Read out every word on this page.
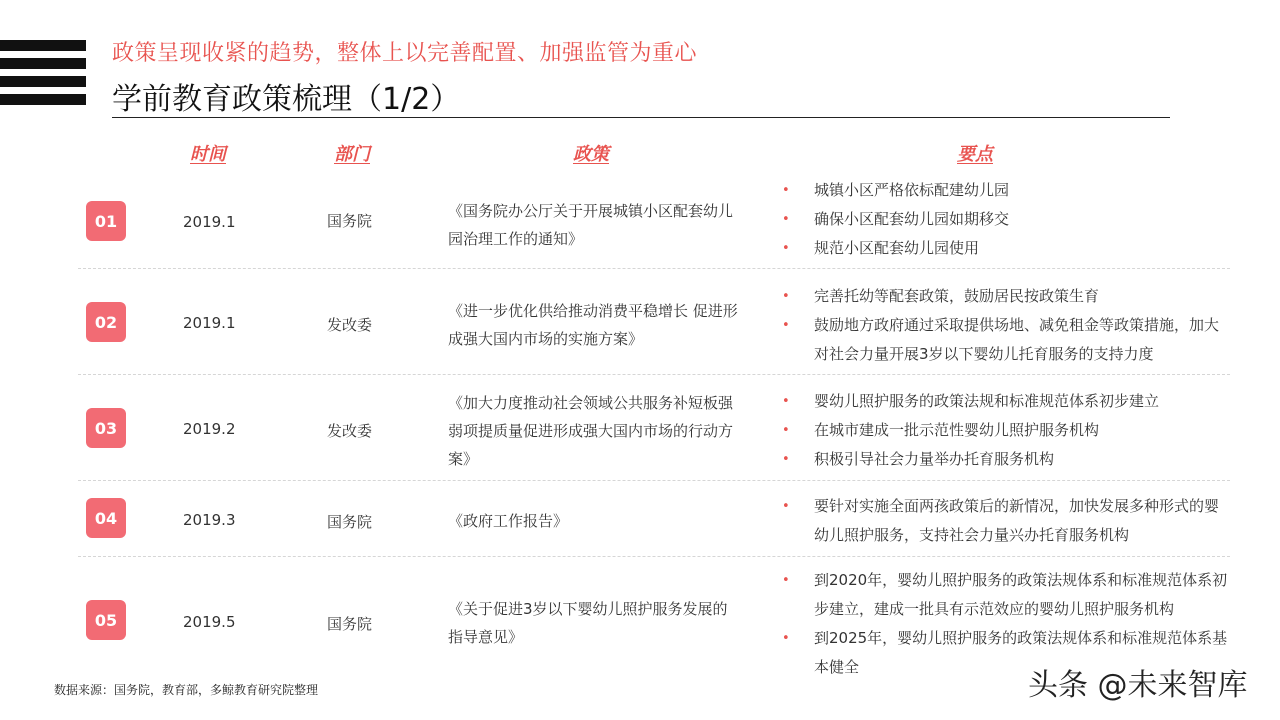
政策呈现收紧的趋势，整体上以完善配置、加强监管为重心
学前教育政策梳理（1/2）
时间	部门	政策	要点
01	2019.1	国务院
《国务院办公厅关于开展城镇小区配套幼儿园治理工作的通知》
• 城镇小区严格依标配建幼儿园
• 确保小区配套幼儿园如期移交
• 规范小区配套幼儿园使用
02	2019.1	发改委
《进一步优化供给推动消费平稳增长 促进形成强大国内市场的实施方案》
• 完善托幼等配套政策，鼓励居民按政策生育
• 鼓励地方政府通过采取提供场地、减免租金等政策措施，加大对社会力量开展3岁以下婴幼儿托育服务的支持力度
03	2019.2	发改委
《加大力度推动社会领域公共服务补短板强弱项提质量促进形成强大国内市场的行动方案》
• 婴幼儿照护服务的政策法规和标准规范体系初步建立
• 在城市建成一批示范性婴幼儿照护服务机构
• 积极引导社会力量举办托育服务机构
04	2019.3	国务院	《政府工作报告》
• 要针对实施全面两孩政策后的新情况，加快发展多种形式的婴幼儿照护服务，支持社会力量兴办托育服务机构
05	2019.5	国务院
《关于促进3岁以下婴幼儿照护服务发展的指导意见》
• 到2020年，婴幼儿照护服务的政策法规体系和标准规范体系初步建立，建成一批具有示范效应的婴幼儿照护服务机构
• 到2025年，婴幼儿照护服务的政策法规体系和标准规范体系基本健全
数据来源：国务院，教育部，多鲸教育研究院整理	头条 @未来智库
